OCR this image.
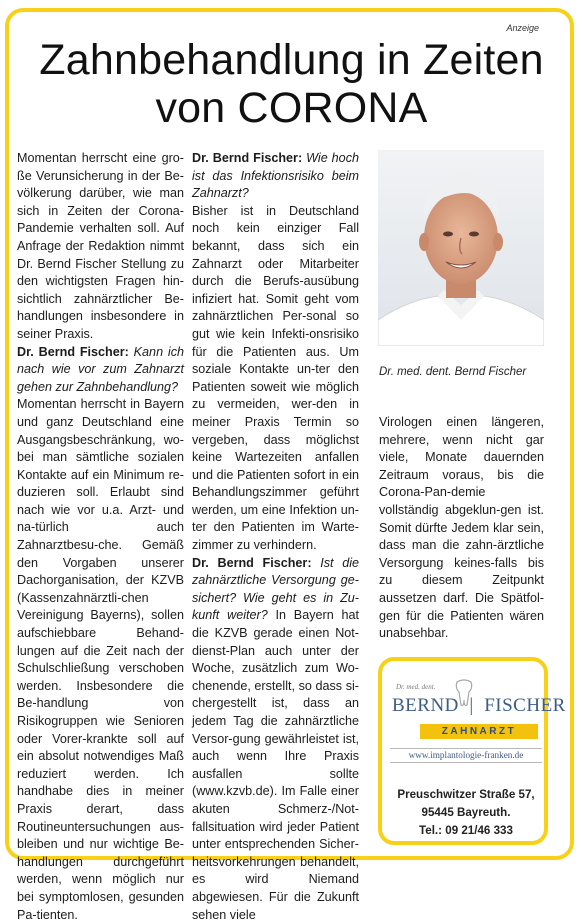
Anzeige
Zahnbehandlung in Zeiten
von CORONA

Momentan herrscht eine gro-ße Verunsicherung in der Be-völkerung darüber, wie man sich in Zeiten der Corona-Pandemie verhalten soll. Auf Anfrage der Redaktion nimmt Dr. Bernd Fischer Stellung zu den wichtigsten Fragen hin-sichtlich zahnärztlicher Be-handlungen insbesondere in seiner Praxis.

Dr. Bernd Fischer: Kann ich nach wie vor zum Zahnarzt gehen zur Zahnbehandlung?

Momentan herrscht in Bayern und ganz Deutschland eine Ausgangsbeschränkung, wo-bei man sämtliche sozialen Kontakte auf ein Minimum re-duzieren soll. Erlaubt sind nach wie vor u.a. Arzt- und na-türlich auch Zahnarztbesu-che. Gemäß den Vorgaben unserer Dachorganisation, der KZVB (Kassenzahnärztli-chen Vereinigung Bayerns), sollen aufschiebbare Behand-lungen auf die Zeit nach der Schulschließung verschoben werden. Insbesondere die Be-handlung von Risikogruppen wie Senioren oder Vorer-krankte soll auf ein absolut notwendiges Maß reduziert werden. Ich handhabe dies in meiner Praxis derart, dass Routineuntersuchungen aus-bleiben und nur wichtige Be-handlungen durchgeführt werden, wenn möglich nur bei symptomlosen, gesunden Pa-tienten.

Dr. Bernd Fischer: Wie hoch ist das Infektionsrisiko beim Zahnarzt?

Bisher ist in Deutschland noch kein einziger Fall bekannt, dass sich ein Zahnarzt oder Mitarbeiter durch die Berufs-ausübung infiziert hat. Somit geht vom zahnärztlichen Per-sonal so gut wie kein Infekti-onsrisiko für die Patienten aus. Um soziale Kontakte un-ter den Patienten soweit wie möglich zu vermeiden, wer-den in meiner Praxis Termin so vergeben, dass möglichst keine Wartezeiten anfallen und die Patienten sofort in ein Behandlungszimmer geführt werden, um eine Infektion un-ter den Patienten im Warte-zimmer zu verhindern.

Dr. Bernd Fischer: Ist die zahnärztliche Versorgung ge-sichert? Wie geht es in Zu-kunft weiter? In Bayern hat die KZVB gerade einen Not-dienst-Plan auch unter der Woche, zusätzlich zum Wo-chenende, erstellt, so dass si-chergestellt ist, dass an jedem Tag die zahnärztliche Versor-gung gewährleistet ist, auch wenn Ihre Praxis ausfallen sollte (www.kzvb.de). Im Falle einer akuten Schmerz-/Not-fallsituation wird jeder Patient unter entsprechenden Sicher-heitsvorkehrungen behandelt, es wird Niemand abgewiesen. Für die Zukunft sehen viele

Dr. med. dent. Bernd Fischer

Virologen einen längeren, mehrere, wenn nicht gar viele, Monate dauernden Zeitraum voraus, bis die Corona-Pan-demie vollständig abgeklun-gen ist. Somit dürfte Jedem klar sein, dass man die zahn-ärztliche Versorgung keines-falls bis zu diesem Zeitpunkt aussetzen darf. Die Spätfol-gen für die Patienten wären unabsehbar.

Dr. med. dent.
BERND  |  FISCHER
ZAHNARZT
www.implantologie-franken.de
Preuschwitzer Straße 57,
95445 Bayreuth.
Tel.: 09 21/46 333
